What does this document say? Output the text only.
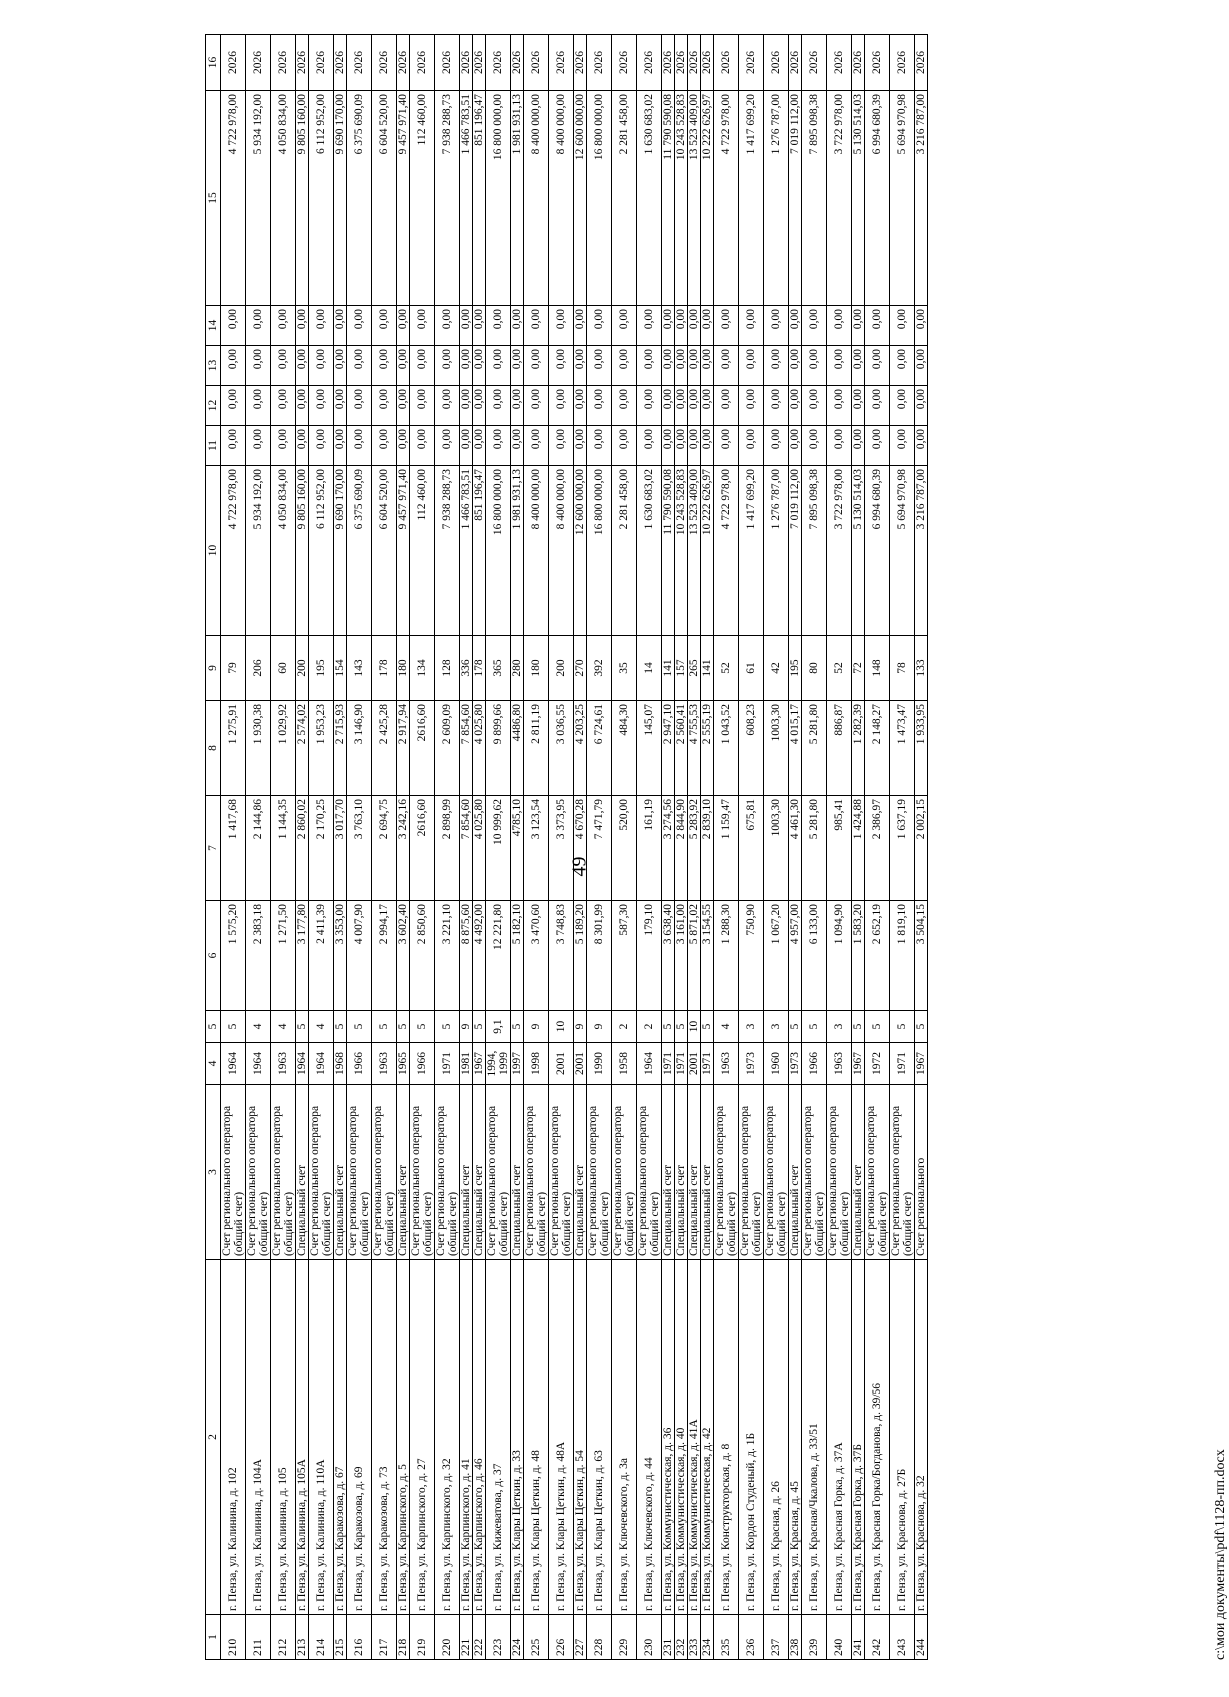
49
1	2	3	4	5	6	7	8	9	10	11	12	13	14	15	16
210	г. Пенза, ул. Калинина, д. 102	Счет регионального оператора (общий счет)	1964	5	1 575,20	1 417,68	1 275,91	79	4 722 978,00	0,00	0,00	0,00	0,00	4 722 978,00	2026
211	г. Пенза, ул. Калинина, д. 104А	Счет регионального оператора (общий счет)	1964	4	2 383,18	2 144,86	1 930,38	206	5 934 192,00	0,00	0,00	0,00	0,00	5 934 192,00	2026
212	г. Пенза, ул. Калинина, д. 105	Счет регионального оператора (общий счет)	1963	4	1 271,50	1 144,35	1 029,92	60	4 050 834,00	0,00	0,00	0,00	0,00	4 050 834,00	2026
213	г. Пенза, ул. Калинина, д. 105А	Специальный счет	1964	5	3 177,80	2 860,02	2 574,02	200	9 805 160,00	0,00	0,00	0,00	0,00	9 805 160,00	2026
214	г. Пенза, ул. Калинина, д. 110А	Счет регионального оператора (общий счет)	1964	4	2 411,39	2 170,25	1 953,23	195	6 112 952,00	0,00	0,00	0,00	0,00	6 112 952,00	2026
215	г. Пенза, ул. Каракозова, д. 67	Специальный счет	1968	5	3 353,00	3 017,70	2 715,93	154	9 690 170,00	0,00	0,00	0,00	0,00	9 690 170,00	2026
216	г. Пенза, ул. Каракозова, д. 69	Счет регионального оператора (общий счет)	1966	5	4 007,90	3 763,10	3 146,90	143	6 375 690,09	0,00	0,00	0,00	0,00	6 375 690,09	2026
217	г. Пенза, ул. Каракозова, д. 73	Счет регионального оператора (общий счет)	1963	5	2 994,17	2 694,75	2 425,28	178	6 604 520,00	0,00	0,00	0,00	0,00	6 604 520,00	2026
218	г. Пенза, ул. Карпинского, д. 5	Специальный счет	1965	5	3 602,40	3 242,16	2 917,94	180	9 457 971,40	0,00	0,00	0,00	0,00	9 457 971,40	2026
219	г. Пенза, ул. Карпинского, д. 27	Счет регионального оператора (общий счет)	1966	5	2 850,60	2616,60	2616,60	134	112 460,00	0,00	0,00	0,00	0,00	112 460,00	2026
220	г. Пенза, ул. Карпинского, д. 32	Счет регионального оператора (общий счет)	1971	5	3 221,10	2 898,99	2 609,09	128	7 938 288,73	0,00	0,00	0,00	0,00	7 938 288,73	2026
221	г. Пенза, ул. Карпинского, д. 41	Специальный счет	1981	9	8 875,60	7 854,60	7 854,60	336	1 466 783,51	0,00	0,00	0,00	0,00	1 466 783,51	2026
222	г. Пенза, ул. Карпинского, д. 46	Специальный счет	1967	5	4 492,00	4 025,80	4 025,80	178	851 196,47	0,00	0,00	0,00	0,00	851 196,47	2026
223	г. Пенза, ул. Кижеватова, д. 37	Счет регионального оператора (общий счет)	1994, 1999	9,1	12 221,80	10 999,62	9 899,66	365	16 800 000,00	0,00	0,00	0,00	0,00	16 800 000,00	2026
224	г. Пенза, ул. Клары Цеткин, д. 33	Специальный счет	1997	5	5 182,10	4785,10	4486,80	280	1 981 931,13	0,00	0,00	0,00	0,00	1 981 931,13	2026
225	г. Пенза, ул. Клары Цеткин, д. 48	Счет регионального оператора (общий счет)	1998	9	3 470,60	3 123,54	2 811,19	180	8 400 000,00	0,00	0,00	0,00	0,00	8 400 000,00	2026
226	г. Пенза, ул. Клары Цеткин, д. 48А	Счет регионального оператора (общий счет)	2001	10	3 748,83	3 373,95	3 036,55	200	8 400 000,00	0,00	0,00	0,00	0,00	8 400 000,00	2026
227	г. Пенза, ул. Клары Цеткин, д. 54	Специальный счет	2001	9	5 189,20	4 670,28	4 203,25	270	12 600 000,00	0,00	0,00	0,00	0,00	12 600 000,00	2026
228	г. Пенза, ул. Клары Цеткин, д. 63	Счет регионального оператора (общий счет)	1990	9	8 301,99	7 471,79	6 724,61	392	16 800 000,00	0,00	0,00	0,00	0,00	16 800 000,00	2026
229	г. Пенза, ул. Ключевского, д. 3а	Счет регионального оператора (общий счет)	1958	2	587,30	520,00	484,30	35	2 281 458,00	0,00	0,00	0,00	0,00	2 281 458,00	2026
230	г. Пенза, ул. Ключевского, д. 44	Счет регионального оператора (общий счет)	1964	2	179,10	161,19	145,07	14	1 630 683,02	0,00	0,00	0,00	0,00	1 630 683,02	2026
231	г. Пенза, ул. Коммунистическая, д. 36	Специальный счет	1971	5	3 638,40	3 274,56	2 947,10	141	11 790 590,08	0,00	0,00	0,00	0,00	11 790 590,08	2026
232	г. Пенза, ул. Коммунистическая, д. 40	Специальный счет	1971	5	3 161,00	2 844,90	2 560,41	157	10 243 528,83	0,00	0,00	0,00	0,00	10 243 528,83	2026
233	г. Пенза, ул. Коммунистическая, д. 41А	Специальный счет	2001	10	5 871,02	5 283,92	4 755,53	265	13 523 409,00	0,00	0,00	0,00	0,00	13 523 409,00	2026
234	г. Пенза, ул. Коммунистическая, д. 42	Специальный счет	1971	5	3 154,55	2 839,10	2 555,19	141	10 222 626,97	0,00	0,00	0,00	0,00	10 222 626,97	2026
235	г. Пенза, ул. Конструкторская, д. 8	Счет регионального оператора (общий счет)	1963	4	1 288,30	1 159,47	1 043,52	52	4 722 978,00	0,00	0,00	0,00	0,00	4 722 978,00	2026
236	г. Пенза, ул. Кордон Студеный, д. 1Б	Счет регионального оператора (общий счет)	1973	3	750,90	675,81	608,23	61	1 417 699,20	0,00	0,00	0,00	0,00	1 417 699,20	2026
237	г. Пенза, ул. Красная, д. 26	Счет регионального оператора (общий счет)	1960	3	1 067,20	1003,30	1003,30	42	1 276 787,00	0,00	0,00	0,00	0,00	1 276 787,00	2026
238	г. Пенза, ул. Красная, д. 45	Специальный счет	1973	5	4 957,00	4 461,30	4 015,17	195	7 019 112,00	0,00	0,00	0,00	0,00	7 019 112,00	2026
239	г. Пенза, ул. Красная/Чкалова, д. 33/51	Счет регионального оператора (общий счет)	1966	5	6 133,00	5 281,80	5 281,80	80	7 895 098,38	0,00	0,00	0,00	0,00	7 895 098,38	2026
240	г. Пенза, ул. Красная Горка, д. 37А	Счет регионального оператора (общий счет)	1963	3	1 094,90	985,41	886,87	52	3 722 978,00	0,00	0,00	0,00	0,00	3 722 978,00	2026
241	г. Пенза, ул. Красная Горка, д. 37Б	Специальный счет	1967	5	1 583,20	1 424,88	1 282,39	72	5 130 514,03	0,00	0,00	0,00	0,00	5 130 514,03	2026
242	г. Пенза, ул. Красная Горка/Богданова, д. 39/56	Счет регионального оператора (общий счет)	1972	5	2 652,19	2 386,97	2 148,27	148	6 994 680,39	0,00	0,00	0,00	0,00	6 994 680,39	2026
243	г. Пенза, ул. Краснова, д. 27Б	Счет регионального оператора (общий счет)	1971	5	1 819,10	1 637,19	1 473,47	78	5 694 970,98	0,00	0,00	0,00	0,00	5 694 970,98	2026
244	г. Пенза, ул. Краснова, д. 32	Счет регионального	1967	5	3 504,15	2 002,15	1 933,95	133	3 216 787,00	0,00	0,00	0,00	0,00	3 216 787,00	2026
c:\мои документы\pdf\1128-пп.docx
